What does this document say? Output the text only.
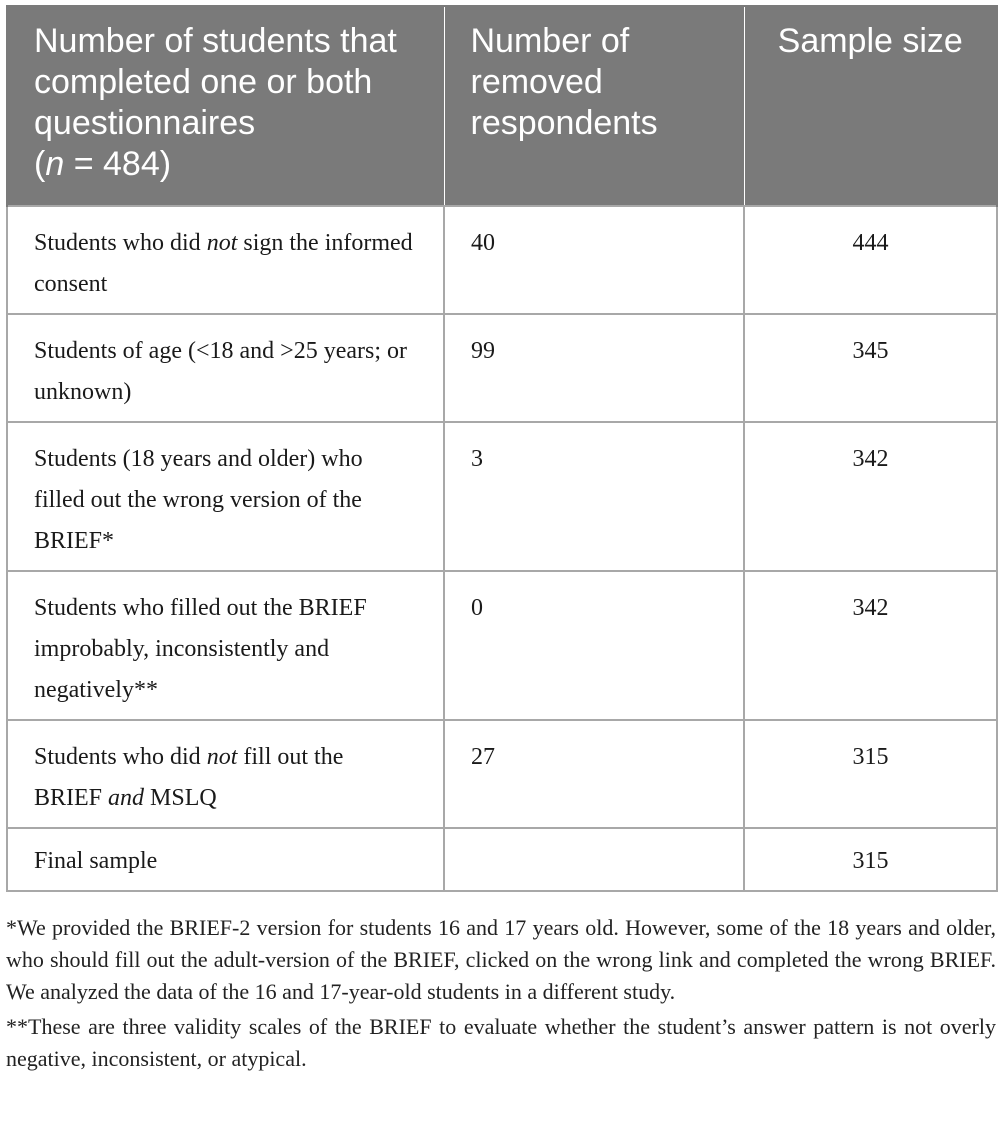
Number of students that completed one or both questionnaires
(n = 484)	Number of removed respondents	Sample size
Students who did not sign the informed consent	40	444
Students of age (<18 and >25 years; or unknown)	99	345
Students (18 years and older) who filled out the wrong version of the BRIEF*	3	342
Students who filled out the BRIEF improbably, inconsistently and negatively**	0	342
Students who did not fill out the BRIEF and MSLQ	27	315
Final sample		315

*We provided the BRIEF-2 version for students 16 and 17 years old. However, some of the 18 years and older, who should fill out the adult-version of the BRIEF, clicked on the wrong link and completed the wrong BRIEF. We analyzed the data of the 16 and 17-year-old students in a different study.

**These are three validity scales of the BRIEF to evaluate whether the student’s answer pattern is not overly negative, inconsistent, or atypical.
